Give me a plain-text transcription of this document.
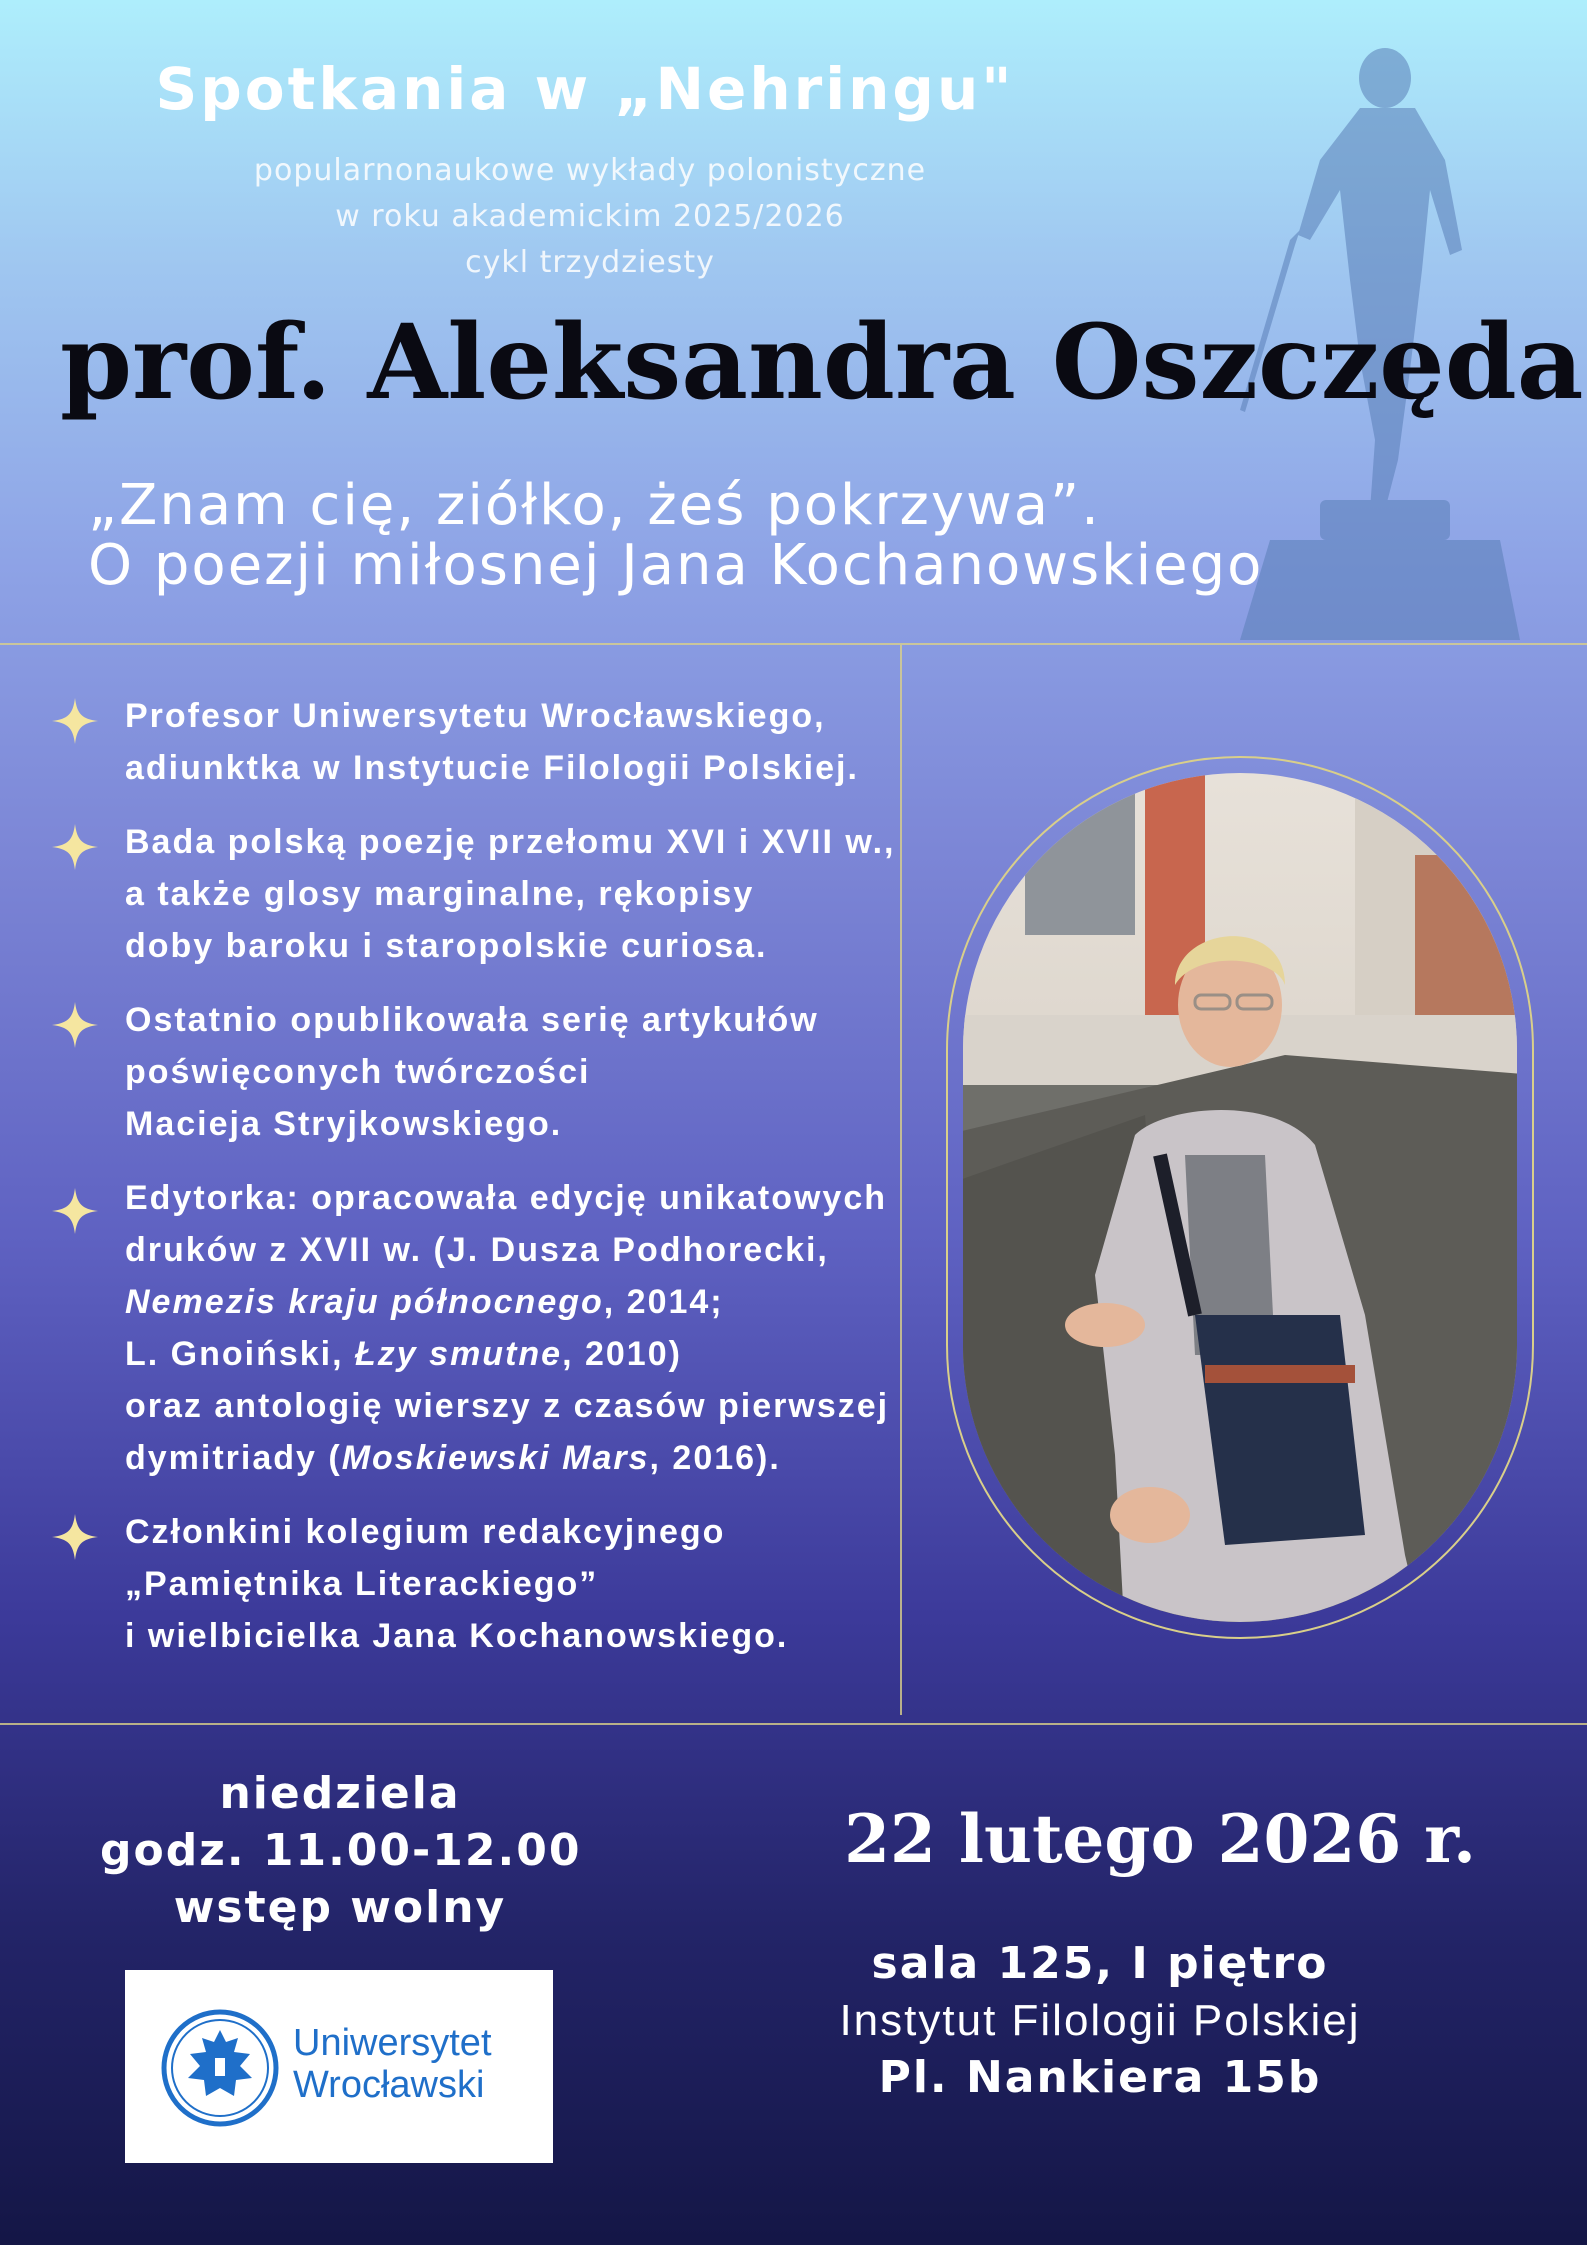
Spotkania w „Nehringu"

popularnonaukowe wykłady polonistyczne

w roku akademickim 2025/2026

cykl trzydziesty

prof. Aleksandra Oszczęda

„Znam cię, ziółko, żeś pokrzywa”.

O poezji miłosnej Jana Kochanowskiego

Profesor Uniwersytetu Wrocławskiego,
adiunktka w Instytucie Filologii Polskiej.
Bada polską poezję przełomu XVI i XVII w.,
a także glosy marginalne, rękopisy
doby baroku i staropolskie curiosa.
Ostatnio opublikowała serię artykułów
poświęconych twórczości
Macieja Stryjkowskiego.
Edytorka: opracowała edycję unikatowych
druków z XVII w. (J. Dusza Podhorecki,
Nemezis kraju północnego, 2014;
L. Gnoiński, Łzy smutne, 2010)
oraz antologię wierszy z czasów pierwszej
dymitriady (Moskiewski Mars, 2016).
Członkini kolegium redakcyjnego
„Pamiętnika Literackiego”
i wielbicielka Jana Kochanowskiego.
niedziela
godz. 11.00-12.00
wstęp wolny
Uniwersytet
Wrocławski

22 lutego 2026 r.

sala 125, I piętro
Instytut Filologii Polskiej
Pl. Nankiera 15b
